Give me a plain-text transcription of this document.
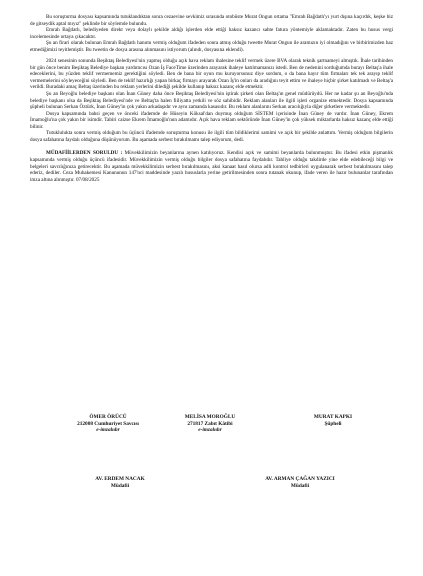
Bu soruşturma dosyası kapsamında tutuklandıktan sonra cezaevine sevkimiz sırasında otobüste Murat Ongun ortama "Emrah Bağdatlı'yı yurt dışına kaçırdık, keşke biz de gitseydik aptal mıyız" şeklinde bir söylemde bulundu.

Emrah Bağdatlı, belediyeden direkt veya dolaylı şekilde aldığı işlerden elde ettiği haksız kazancı sahte fatura yöntemiyle aklamaktadır. Zaten bu husus vergi incelemesinde ortaya çıkacaktır.

Şu an firari olarak bulunan Emrah Bağdatlı hanımı vermiş olduğum ifadeden sonra atmış olduğu tweette Murat Ongun ile aramızın iyi olmadığını ve birbirimizden haz etmediğimizi teyitlemiştir. Bu tweetin de dosya arasına alınmasını istiyorum (alındı, dosyasına eklendi).

2024 senesinin sonunda Beşiktaş Belediyesi'nin yapmış olduğu açık hava reklam ihalesine teklif vermek üzere BVA olarak teknik şartnameyi almıştık. İhale tarihinden bir gün önce benim Beşiktaş Belediye başkan yardımcısı Ozan İş FaceTime üzerinden arayarak ihaleye katılmamanızı istedi. Ben de nedenini sorduğumda burayı Beltaş'a ihale edeceklerini, bu yüzden teklif vermememiz gerektiğini söyledi. Ben de bana bir oyun mu kuruyorsunuz diye sordum, o da bana hayır tüm firmaları tek tek arayıp teklif vermemelerini söyleyeceğini söyledi. Ben de teklif hazırlığı yapan birkaç firmayı arayarak Ozan İş'in onları da aradığını teyit ettim ve ihaleye hiçbir şirket katılmadı ve Beltaş'a verildi. Buradaki amaç Beltaş üzerinden bu reklam yerlerini dilediği şekilde kullanıp haksız kazanç elde etmektir.

Şu an Beyoğlu belediye başkanı olan İnan Güney daha önce Beşiktaş Belediyesi'nin iştirak şirketi olan Beltaş'ın genel müdürüydü. Her ne kadar şu an Beyoğlu'nda belediye başkanı olsa da Beşiktaş Belediyesi'nde ve Beltaş'ta halen fiiliyatta yetkili ve söz sahibidir. Reklam alanları ile ilgili işleri organize etmektedir. Dosya kapsamında şüpheli bulunan Serkan Öztürk, İnan Güney'in çok yakın arkadaşıdır ve aynı zamanda kasasıdır. Bu reklam alanlarını Serkan aracılığıyla diğer şirketlere vermektedir.

Dosya kapsamında bahsi geçen ve önceki ifademde de Hüseyin Köksal'dan duymuş olduğum SİSTEM içerisinde İnan Güney de vardır. İnan Güney, Ekrem İmamoğlu'na çok yakın bir isimdir. Tabiri caizse Ekrem İmamoğlu'nun adamıdır. Açık hava reklam sektöründe İnan Güney'in çok yüksek miktarlarda haksız kazanç elde ettiği bilinir.

Tutuklulukta sonra vermiş olduğum bu üçüncü ifademde soruşturma konusu ile ilgili tüm bildiklerimi samimi ve açık bir şekilde anlattım. Vermiş olduğum bilgilerin dosya safahatına faydalı olduğuna düşünüyorum. Bu aşamada serbest bırakılmamı talep ediyorum, dedi.

MÜDAFİİLERDEN SORULDU : Müvekkilimizin beyanlarına aynen katılıyoruz. Kendisi açık ve samimi beyanlarda bulunmuştur. Bu ifadesi etkin pişmanlık kapsamında vermiş olduğu üçüncü ifadesidir. Müvekkilimizin vermiş olduğu bilgiler dosya safahatına faydalıdır. Tahliye olduğu takdirde yine elde edebileceği bilgi ve belgeleri savcılığınıza getirecektir. Bu aşamada müvekkilimizin serbest bırakılmasını, aksi kanaat hasıl olursa adli kontrol tedbirleri uygulanarak serbest bırakılmasını talep ederiz, dediler. Ceza Muhakemesi Kanununun 147'nci maddesinde yazılı hususlarla yerine getirilmesinden sonra tutanak okunup, ifade veren ile hazır bulunanlar tarafından imza altına alınmıştır. 07/08/2025
ÖMER ÖRÜCÜ
212008 Cumhuriyet Savcısı
e-imzalıdır
MELİSA MOROĞLU
271817 Zabıt Kâtibi
e-imzalıdır
MURAT KAPKI
Şüpheli
AV. ERDEM NACAK
Müdafii
AV. ARMAN ÇAĞAN YAZICI
Müdafii
